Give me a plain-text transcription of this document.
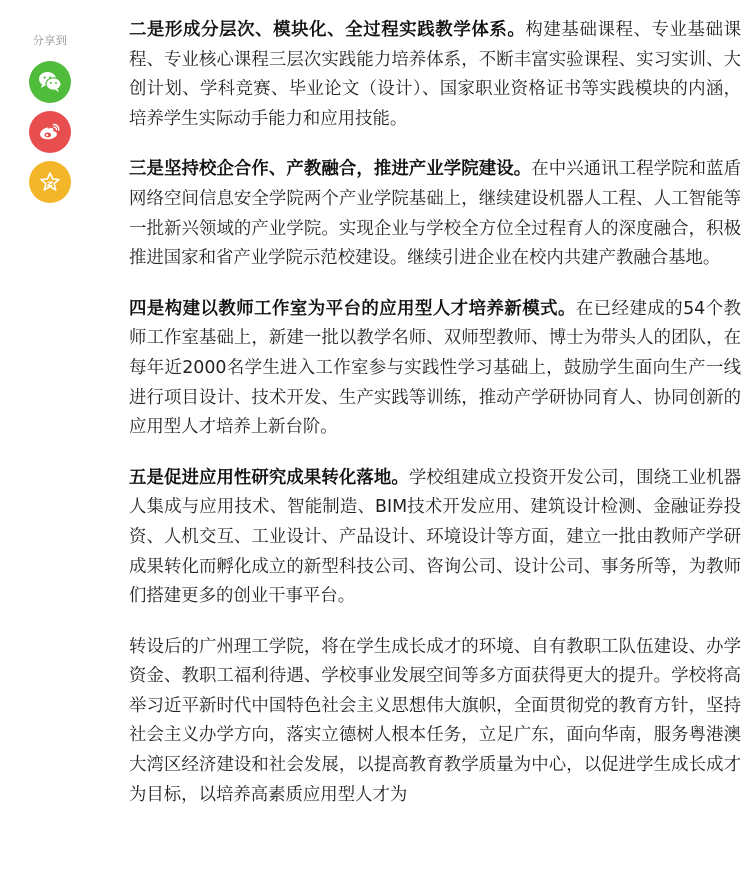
分享到

二是形成分层次、模块化、全过程实践教学体系。构建基础课程、专业基础课程、专业核心课程三层次实践能力培养体系，不断丰富实验课程、实习实训、大创计划、学科竞赛、毕业论文（设计）、国家职业资格证书等实践模块的内涵，培养学生实际动手能力和应用技能。

三是坚持校企合作、产教融合，推进产业学院建设。在中兴通讯工程学院和蓝盾网络空间信息安全学院两个产业学院基础上，继续建设机器人工程、人工智能等一批新兴领域的产业学院。实现企业与学校全方位全过程育人的深度融合，积极推进国家和省产业学院示范校建设。继续引进企业在校内共建产教融合基地。

四是构建以教师工作室为平台的应用型人才培养新模式。在已经建成的54个教师工作室基础上，新建一批以教学名师、双师型教师、博士为带头人的团队，在每年近2000名学生进入工作室参与实践性学习基础上，鼓励学生面向生产一线进行项目设计、技术开发、生产实践等训练，推动产学研协同育人、协同创新的应用型人才培养上新台阶。

五是促进应用性研究成果转化落地。学校组建成立投资开发公司，围绕工业机器人集成与应用技术、智能制造、BIM技术开发应用、建筑设计检测、金融证券投资、人机交互、工业设计、产品设计、环境设计等方面，建立一批由教师产学研成果转化而孵化成立的新型科技公司、咨询公司、设计公司、事务所等，为教师们搭建更多的创业干事平台。

转设后的广州理工学院，将在学生成长成才的环境、自有教职工队伍建设、办学资金、教职工福利待遇、学校事业发展空间等多方面获得更大的提升。学校将高举习近平新时代中国特色社会主义思想伟大旗帜，全面贯彻党的教育方针，坚持社会主义办学方向，落实立德树人根本任务，立足广东，面向华南，服务粤港澳大湾区经济建设和社会发展，以提高教育教学质量为中心，以促进学生成长成才为目标，以培养高素质应用型人才为
